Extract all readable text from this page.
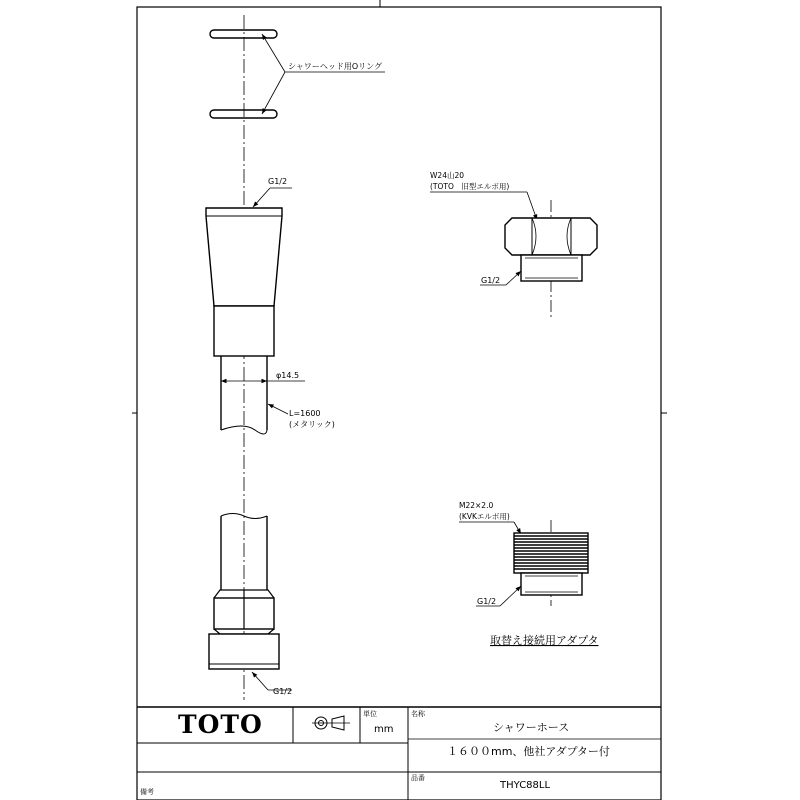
シャワーヘッド用Oリング
G1/2
φ14.5
L=1600
(メタリック)
G1/2
W24山20
(TOTO　旧型エルボ用)
G1/2
M22×2.0
(KVKエルボ用)
G1/2
取替え接続用アダプタ
TOTO	単位
mm
名称
シャワーホース
１６００mm、他社アダプター付
品番
THYC88LL
備考
